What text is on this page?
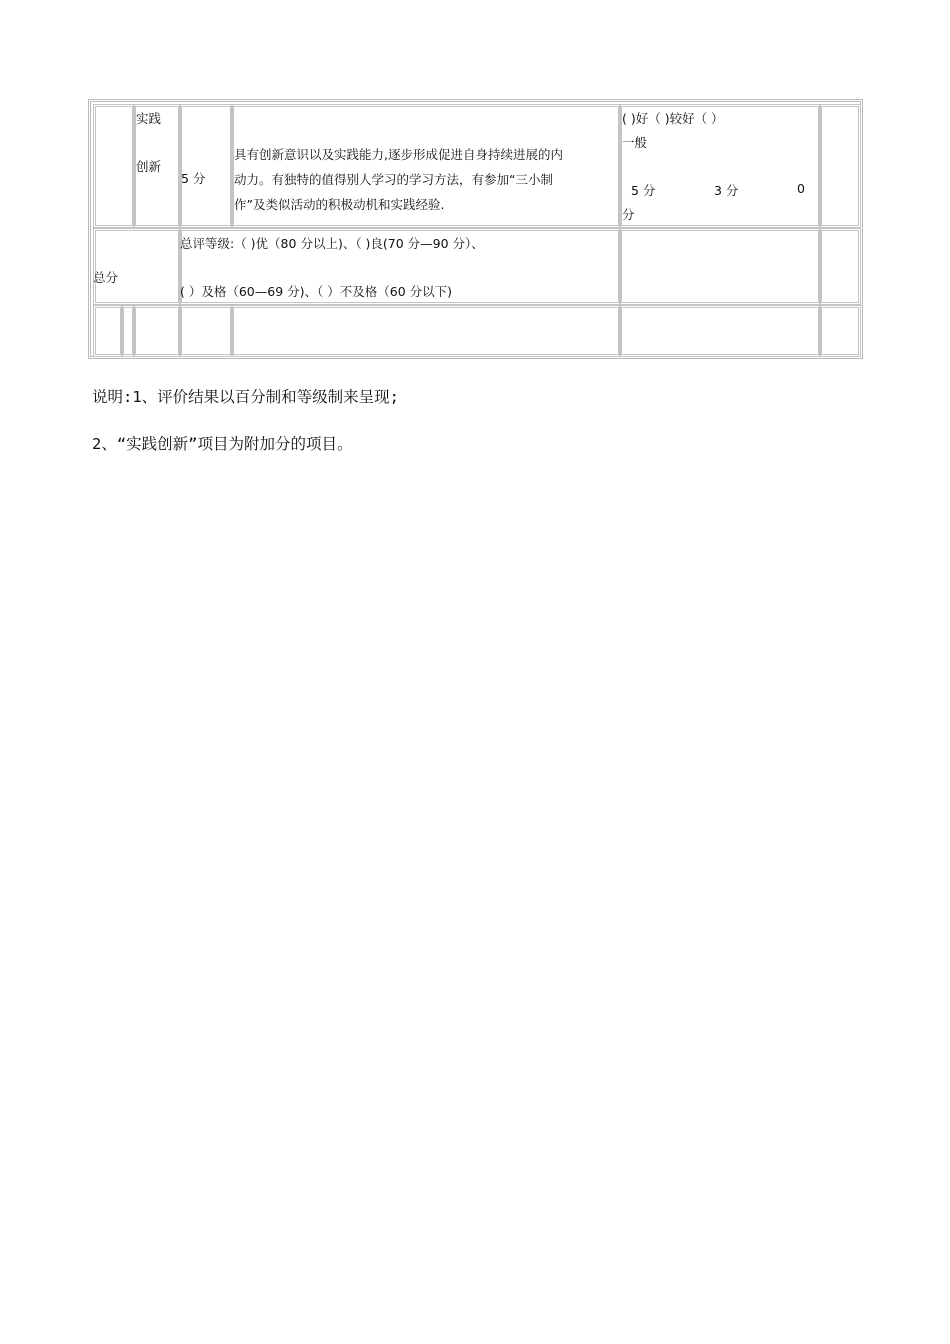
实践
创新
5 分
具有创新意识以及实践能力,逐步形成促进自身持续进展的内
动力。有独特的值得别人学习的学习方法，有参加“三小制
作”及类似活动的积极动机和实践经验.
( )好（ )较好（ ）
一般
5 分	3 分	0
分
总分
总评等级:（ )优（80 分以上)、（ )良(70 分—90 分）、
( ）及格（60—69 分)、（ ）不及格（60 分以下)
说明:1、评价结果以百分制和等级制来呈现;
2、“实践创新”项目为附加分的项目。
